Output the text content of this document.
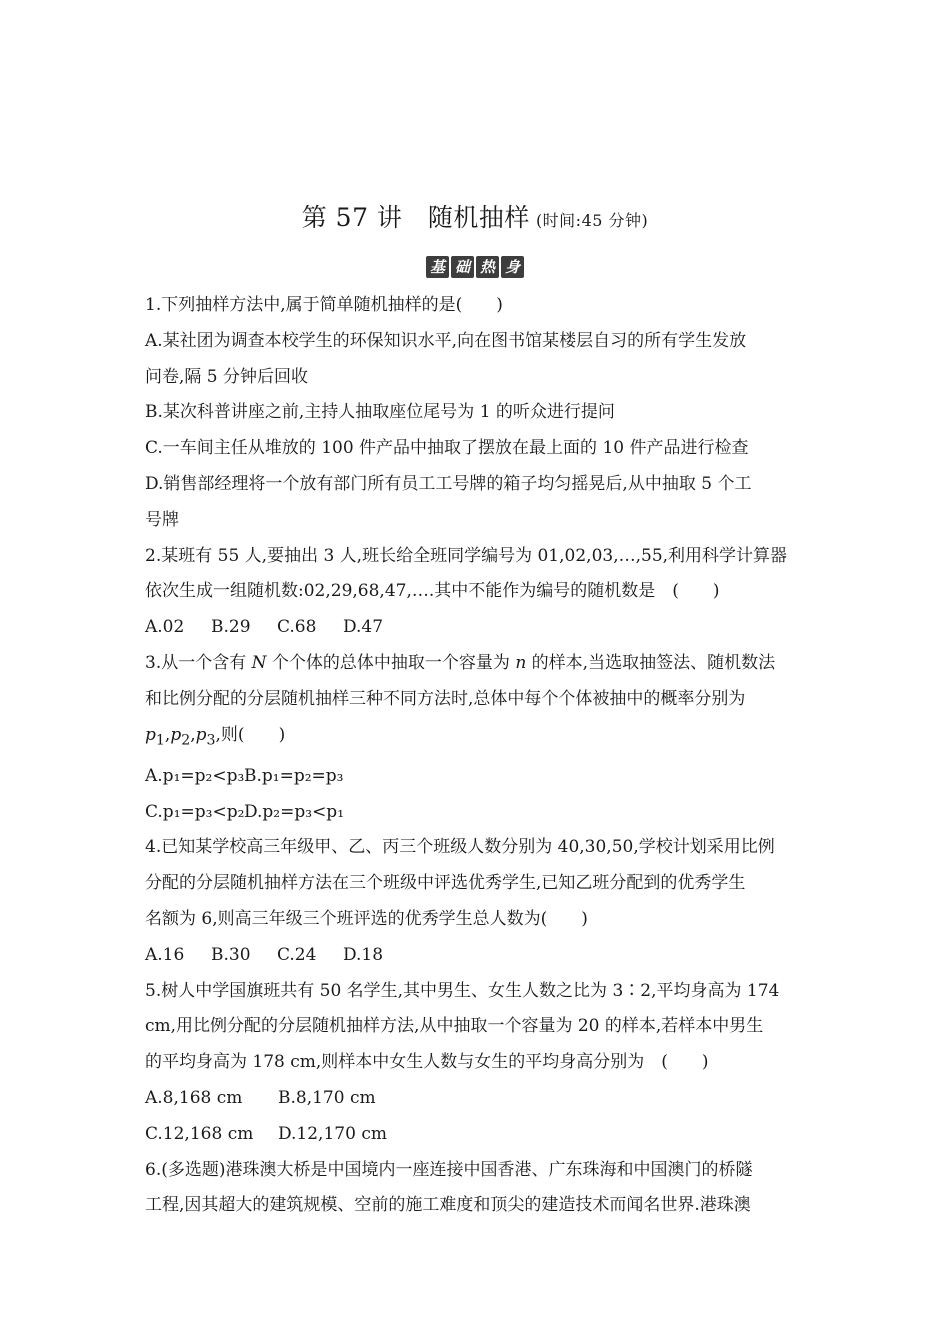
第 57 讲　随机抽样 (时间:45 分钟)
基 础 热 身
1.下列抽样方法中,属于简单随机抽样的是(　　)
A.某社团为调查本校学生的环保知识水平,向在图书馆某楼层自习的所有学生发放
问卷,隔 5 分钟后回收
B.某次科普讲座之前,主持人抽取座位尾号为 1 的听众进行提问
C.一车间主任从堆放的 100 件产品中抽取了摆放在最上面的 10 件产品进行检查
D.销售部经理将一个放有部门所有员工工号牌的箱子均匀摇晃后,从中抽取 5 个工
号牌
2.某班有 55 人,要抽出 3 人,班长给全班同学编号为 01,02,03,…,55,利用科学计算器
依次生成一组随机数:02,29,68,47,….其中不能作为编号的随机数是　(　　)
A.02 B.29 C.68 D.47
3.从一个含有 N 个个体的总体中抽取一个容量为 n 的样本,当选取抽签法、随机数法
和比例分配的分层随机抽样三种不同方法时,总体中每个个体被抽中的概率分别为
$p_1,p_2,p_3$,则(　　)
A.p₁=p₂<p₃B.p₁=p₂=p₃
C.p₁=p₃<p₂D.p₂=p₃<p₁
4.已知某学校高三年级甲、乙、丙三个班级人数分别为 40,30,50,学校计划采用比例
分配的分层随机抽样方法在三个班级中评选优秀学生,已知乙班分配到的优秀学生
名额为 6,则高三年级三个班评选的优秀学生总人数为(　　)
A.16 B.30 C.24 D.18
5.树人中学国旗班共有 50 名学生,其中男生、女生人数之比为 3∶2,平均身高为 174
cm,用比例分配的分层随机抽样方法,从中抽取一个容量为 20 的样本,若样本中男生
的平均身高为 178 cm,则样本中女生人数与女生的平均身高分别为　(　　)
A.8,168 cm B.8,170 cm
C.12,168 cm D.12,170 cm
6.(多选题)港珠澳大桥是中国境内一座连接中国香港、广东珠海和中国澳门的桥隧
工程,因其超大的建筑规模、空前的施工难度和顶尖的建造技术而闻名世界.港珠澳
